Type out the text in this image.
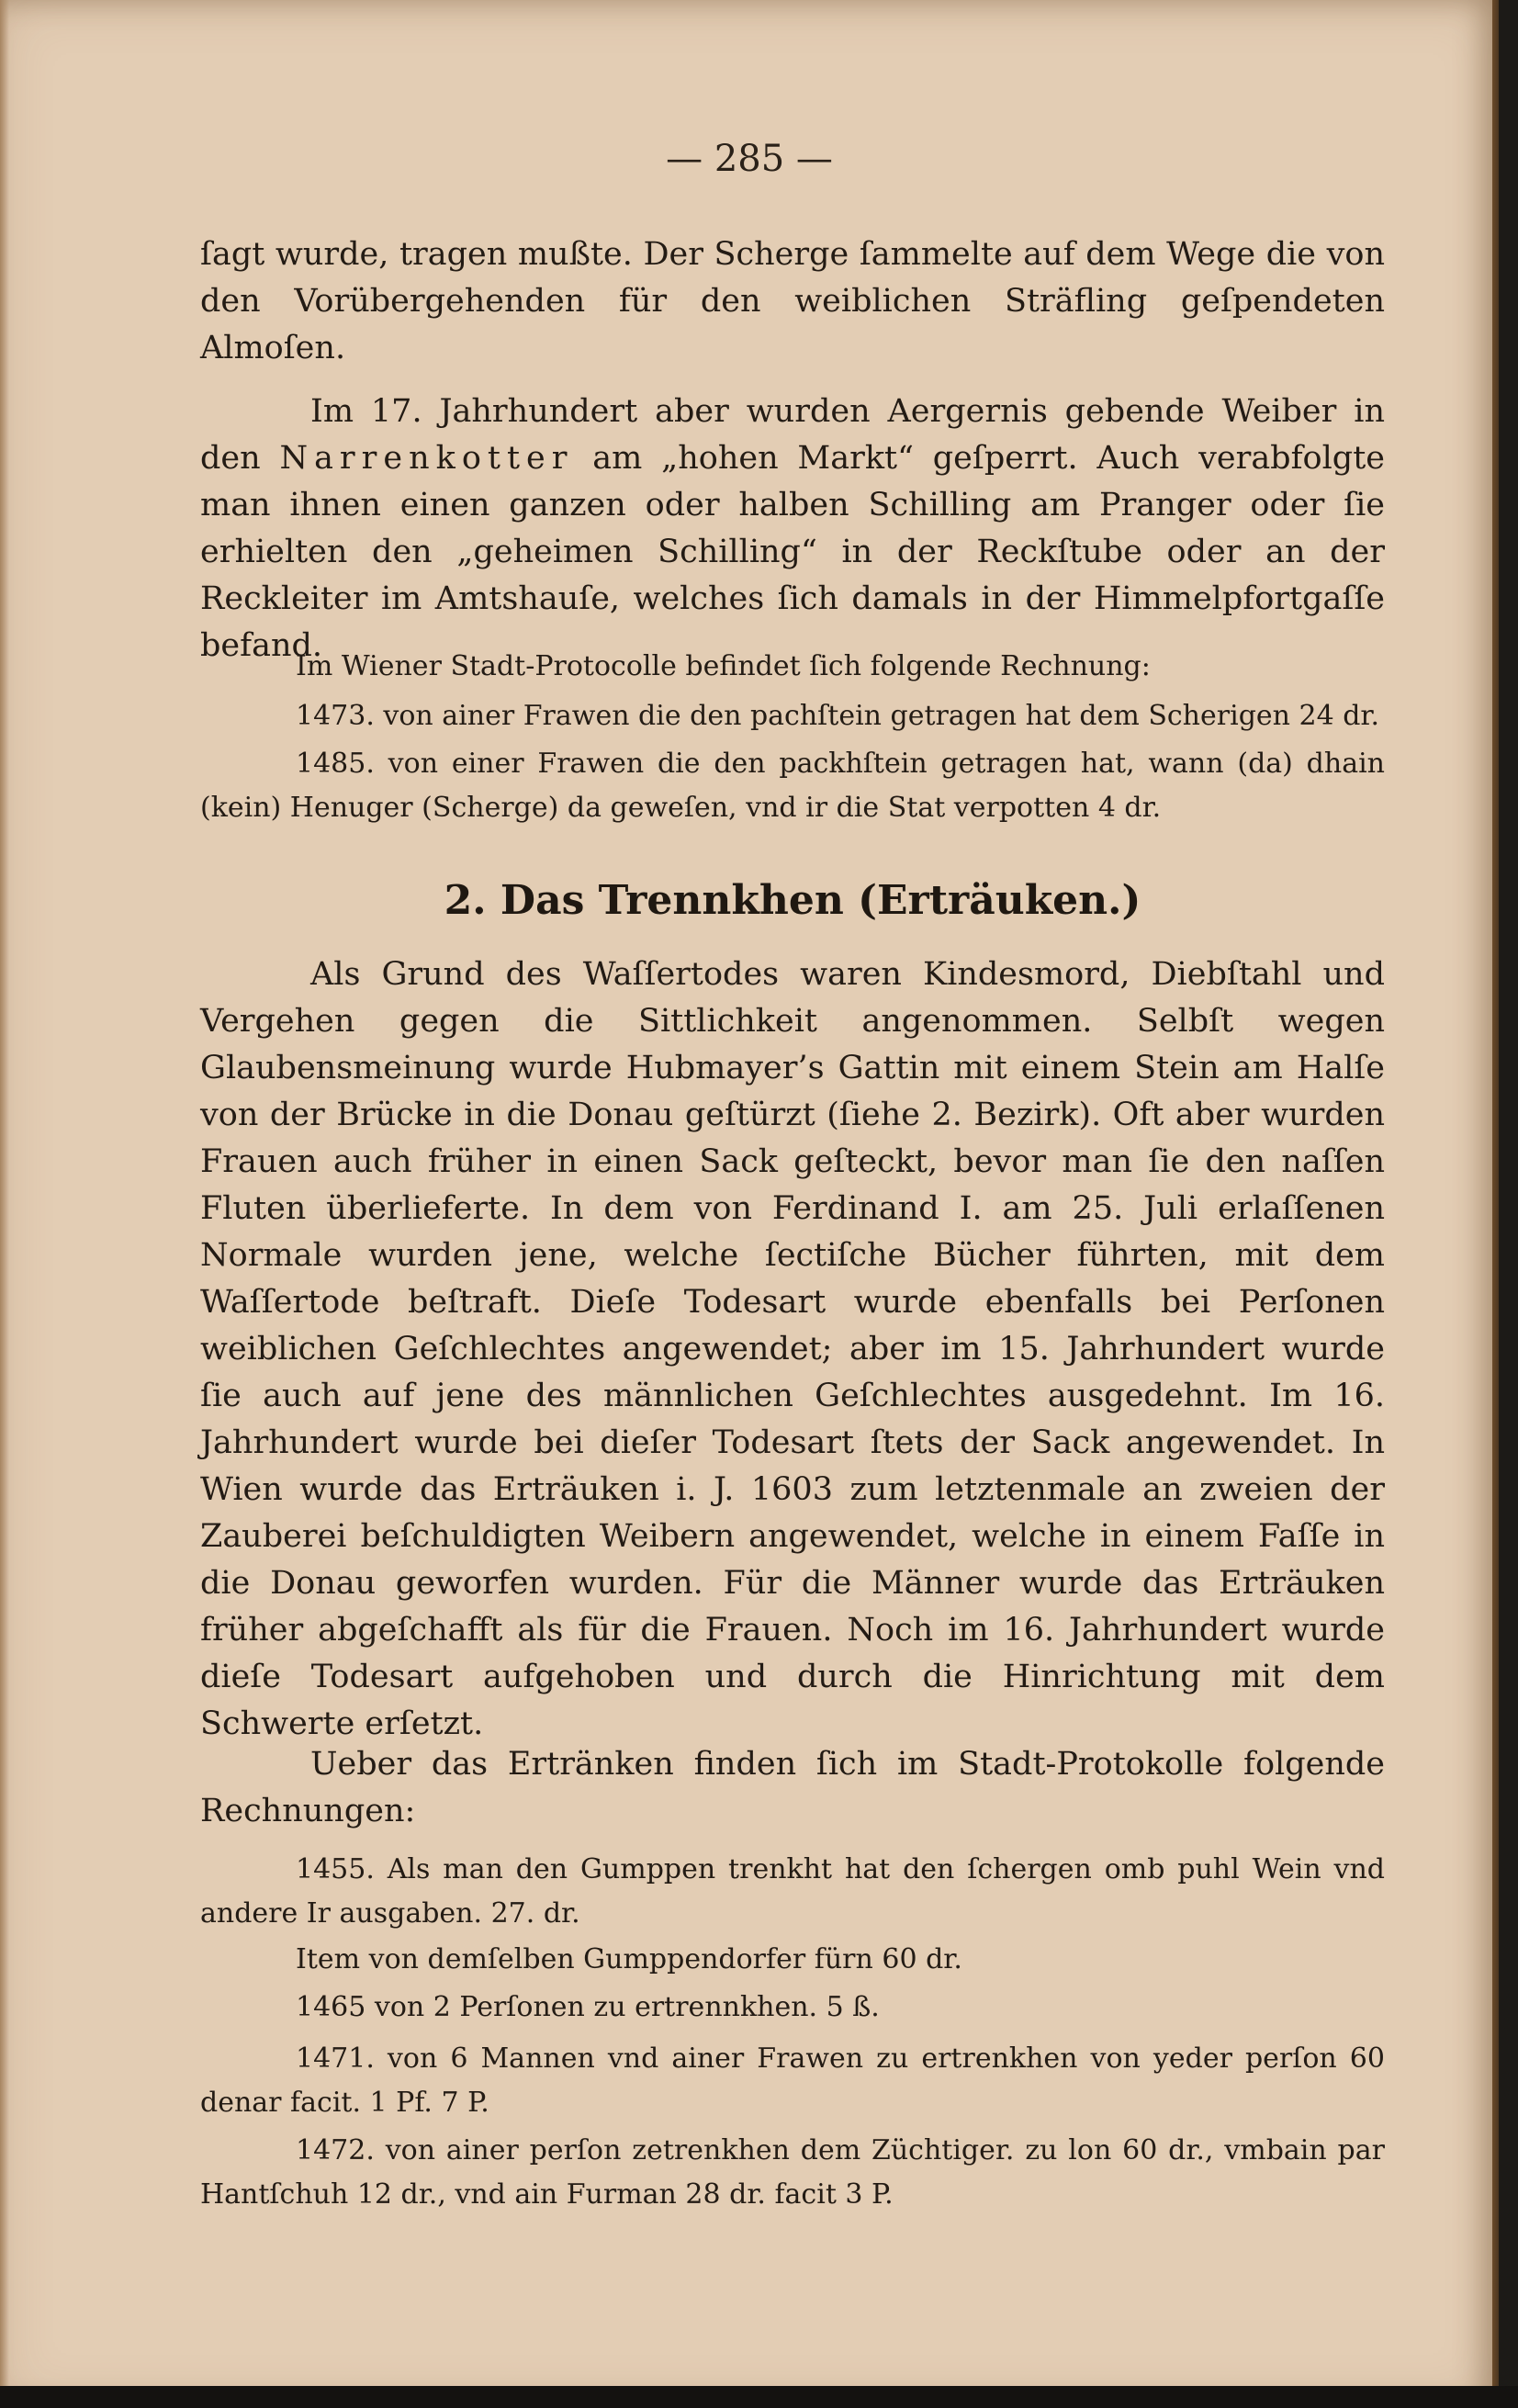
— 285 —
ſagt wurde, tragen mußte. Der Scherge ſammelte auf dem Wege die von den Vorübergehenden für den weiblichen Sträfling geſpendeten Almoſen.
Im 17. Jahrhundert aber wurden Aergernis gebende Weiber in den Narrenkotter am „hohen Markt“ geſperrt. Auch verabfolgte man ihnen einen ganzen oder halben Schilling am Pranger oder ſie erhielten den „geheimen Schilling“ in der Reckſtube oder an der Reckleiter im Amtshauſe, welches ſich damals in der Himmelpfortgaſſe befand.
Im Wiener Stadt-Protocolle befindet ſich folgende Rechnung:
1473. von ainer Frawen die den pachſtein getragen hat dem Scherigen 24 dr.
1485. von einer Frawen die den packhſtein getragen hat, wann (da) dhain (kein) Henuger (Scherge) da geweſen, vnd ir die Stat verpotten 4 dr.
2. Das Trennkhen (Erträuken.)
Als Grund des Waſſertodes waren Kindesmord, Diebſtahl und Vergehen gegen die Sittlichkeit angenommen. Selbſt wegen Glaubensmeinung wurde Hubmayer’s Gattin mit einem Stein am Halſe von der Brücke in die Donau geſtürzt (ſiehe 2. Bezirk). Oft aber wurden Frauen auch früher in einen Sack geſteckt, bevor man ſie den naſſen Fluten überlieferte. In dem von Ferdinand I. am 25. Juli erlaſſenen Normale wurden jene, welche ſectiſche Bücher führten, mit dem Waſſertode beſtraft. Dieſe Todesart wurde ebenfalls bei Perſonen weiblichen Geſchlechtes angewendet; aber im 15. Jahrhundert wurde ſie auch auf jene des männlichen Geſchlechtes ausgedehnt. Im 16. Jahrhundert wurde bei dieſer Todesart ſtets der Sack angewendet. In Wien wurde das Erträuken i. J. 1603 zum letztenmale an zweien der Zauberei beſchuldigten Weibern angewendet, welche in einem Faſſe in die Donau geworfen wurden. Für die Männer wurde das Erträuken früher abgeſchafft als für die Frauen. Noch im 16. Jahrhundert wurde dieſe Todesart aufgehoben und durch die Hinrichtung mit dem Schwerte erſetzt.
Ueber das Ertränken finden ſich im Stadt-Protokolle folgende Rechnungen:
1455. Als man den Gumppen trenkht hat den ſchergen omb puhl Wein vnd andere Ir ausgaben. 27. dr.
Item von demſelben Gumppendorfer fürn 60 dr.
1465 von 2 Perſonen zu ertrennkhen. 5 ß.
1471. von 6 Mannen vnd ainer Frawen zu ertrenkhen von yeder perſon 60 denar facit. 1 Pf. 7 P.
1472. von ainer perſon zetrenkhen dem Züchtiger. zu lon 60 dr., vmbain par Hantſchuh 12 dr., vnd ain Furman 28 dr. facit 3 P.
